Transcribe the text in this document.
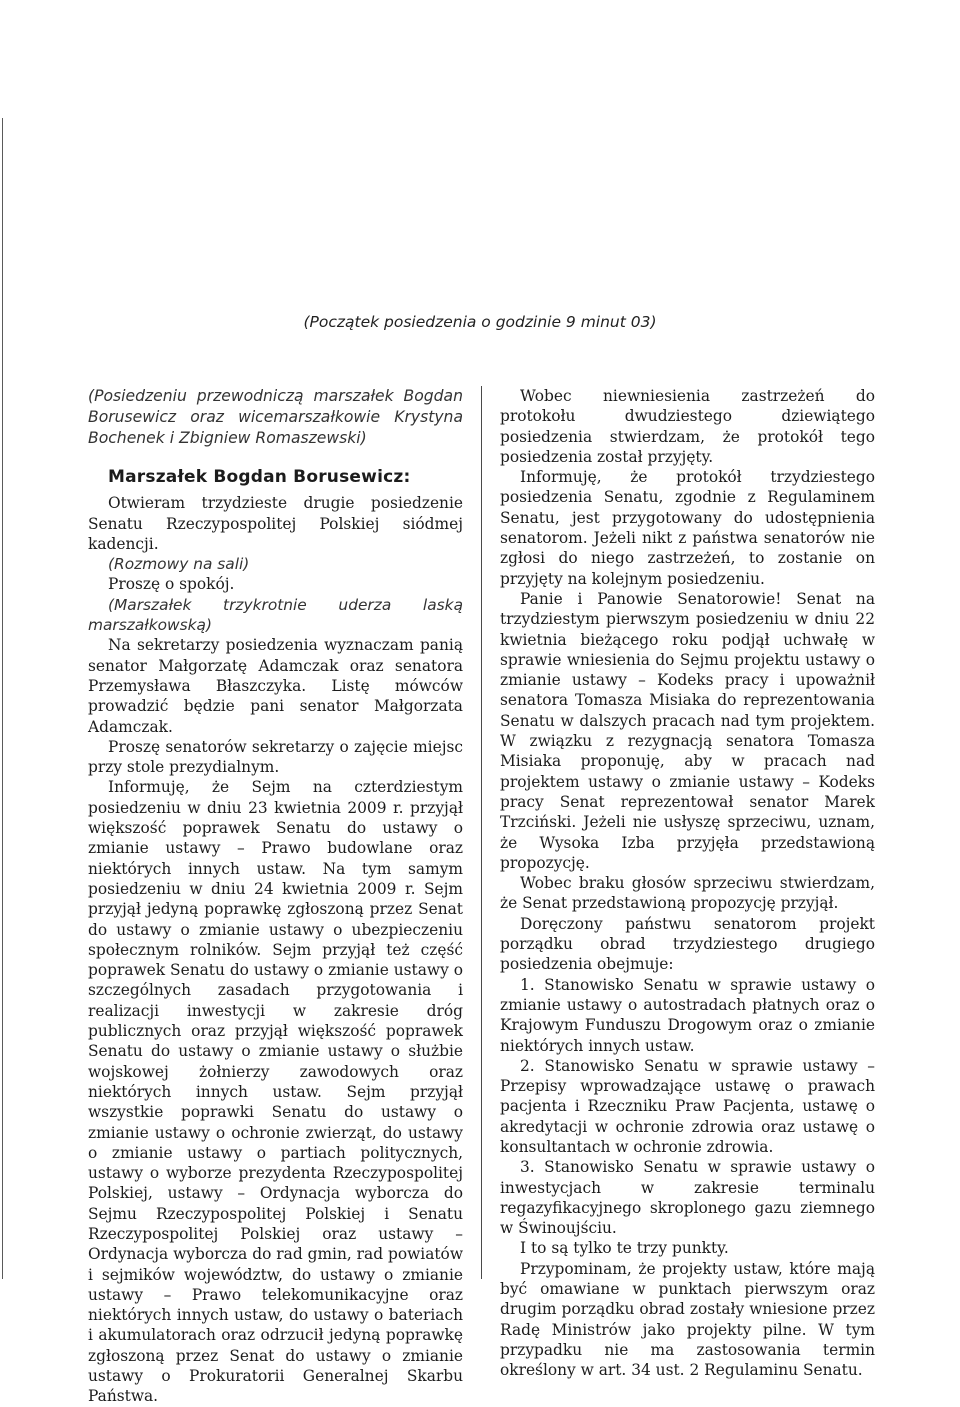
(Początek posiedzenia o godzinie 9 minut 03)

(Posiedzeniu przewodniczą marszałek Bogdan Borusewicz oraz wicemarszałkowie Krystyna Bochenek i Zbigniew Romaszewski)

Marszałek Bogdan Borusewicz:

Otwieram trzydzieste drugie posiedzenie Senatu Rzeczypospolitej Polskiej siódmej kadencji.

(Rozmowy na sali)

Proszę o spokój.

(Marszałek trzykrotnie uderza laską marszałkowską)

Na sekretarzy posiedzenia wyznaczam panią senator Małgorzatę Adamczak oraz senatora Przemysława Błaszczyka. Listę mówców prowadzić będzie pani senator Małgorzata Adamczak.

Proszę senatorów sekretarzy o zajęcie miejsc przy stole prezydialnym.

Informuję, że Sejm na czterdziestym posiedzeniu w dniu 23 kwietnia 2009 r. przyjął większość poprawek Senatu do ustawy o zmianie ustawy – Prawo budowlane oraz niektórych innych ustaw. Na tym samym posiedzeniu w dniu 24 kwietnia 2009 r. Sejm przyjął jedyną poprawkę zgłoszoną przez Senat do ustawy o zmianie ustawy o ubezpieczeniu społecznym rolników. Sejm przyjął też część poprawek Senatu do ustawy o zmianie ustawy o szczególnych zasadach przygotowania i realizacji inwestycji w zakresie dróg publicznych oraz przyjął większość poprawek Senatu do ustawy o zmianie ustawy o służbie wojskowej żołnierzy zawodowych oraz niektórych innych ustaw. Sejm przyjął wszystkie poprawki Senatu do ustawy o zmianie ustawy o ochronie zwierząt, do ustawy o zmianie ustawy o partiach politycznych, ustawy o wyborze prezydenta Rzeczypospolitej Polskiej, ustawy – Ordynacja wyborcza do Sejmu Rzeczypospolitej Polskiej i Senatu Rzeczypospolitej Polskiej oraz ustawy – Ordynacja wyborcza do rad gmin, rad powiatów i sejmików województw, do ustawy o zmianie ustawy – Prawo telekomunikacyjne oraz niektórych innych ustaw, do ustawy o bateriach i akumulatorach oraz odrzucił jedyną poprawkę zgłoszoną przez Senat do ustawy o zmianie ustawy o Prokuratorii Generalnej Skarbu Państwa.

Wobec niewniesienia zastrzeżeń do protokołu dwudziestego dziewiątego posiedzenia stwierdzam, że protokół tego posiedzenia został przyjęty.

Informuję, że protokół trzydziestego posiedzenia Senatu, zgodnie z Regulaminem Senatu, jest przygotowany do udostępnienia senatorom. Jeżeli nikt z państwa senatorów nie zgłosi do niego zastrzeżeń, to zostanie on przyjęty na kolejnym posiedzeniu.

Panie i Panowie Senatorowie! Senat na trzydziestym pierwszym posiedzeniu w dniu 22 kwietnia bieżącego roku podjął uchwałę w sprawie wniesienia do Sejmu projektu ustawy o zmianie ustawy – Kodeks pracy i upoważnił senatora Tomasza Misiaka do reprezentowania Senatu w dalszych pracach nad tym projektem. W związku z rezygnacją senatora Tomasza Misiaka proponuję, aby w pracach nad projektem ustawy o zmianie ustawy – Kodeks pracy Senat reprezentował senator Marek Trzciński. Jeżeli nie usłyszę sprzeciwu, uznam, że Wysoka Izba przyjęła przedstawioną propozycję.

Wobec braku głosów sprzeciwu stwierdzam, że Senat przedstawioną propozycję przyjął.

Doręczony państwu senatorom projekt porządku obrad trzydziestego drugiego posiedzenia obejmuje:

1. Stanowisko Senatu w sprawie ustawy o zmianie ustawy o autostradach płatnych oraz o Krajowym Funduszu Drogowym oraz o zmianie niektórych innych ustaw.

2. Stanowisko Senatu w sprawie ustawy – Przepisy wprowadzające ustawę o prawach pacjenta i Rzeczniku Praw Pacjenta, ustawę o akredytacji w ochronie zdrowia oraz ustawę o konsultantach w ochronie zdrowia.

3. Stanowisko Senatu w sprawie ustawy o inwestycjach w zakresie terminalu regazyfikacyjnego skroplonego gazu ziemnego w Świnoujściu.

I to są tylko te trzy punkty.

Przypominam, że projekty ustaw, które mają być omawiane w punktach pierwszym oraz drugim porządku obrad zostały wniesione przez Radę Ministrów jako projekty pilne. W tym przypadku nie ma zastosowania termin określony w art. 34 ust. 2 Regulaminu Senatu.
